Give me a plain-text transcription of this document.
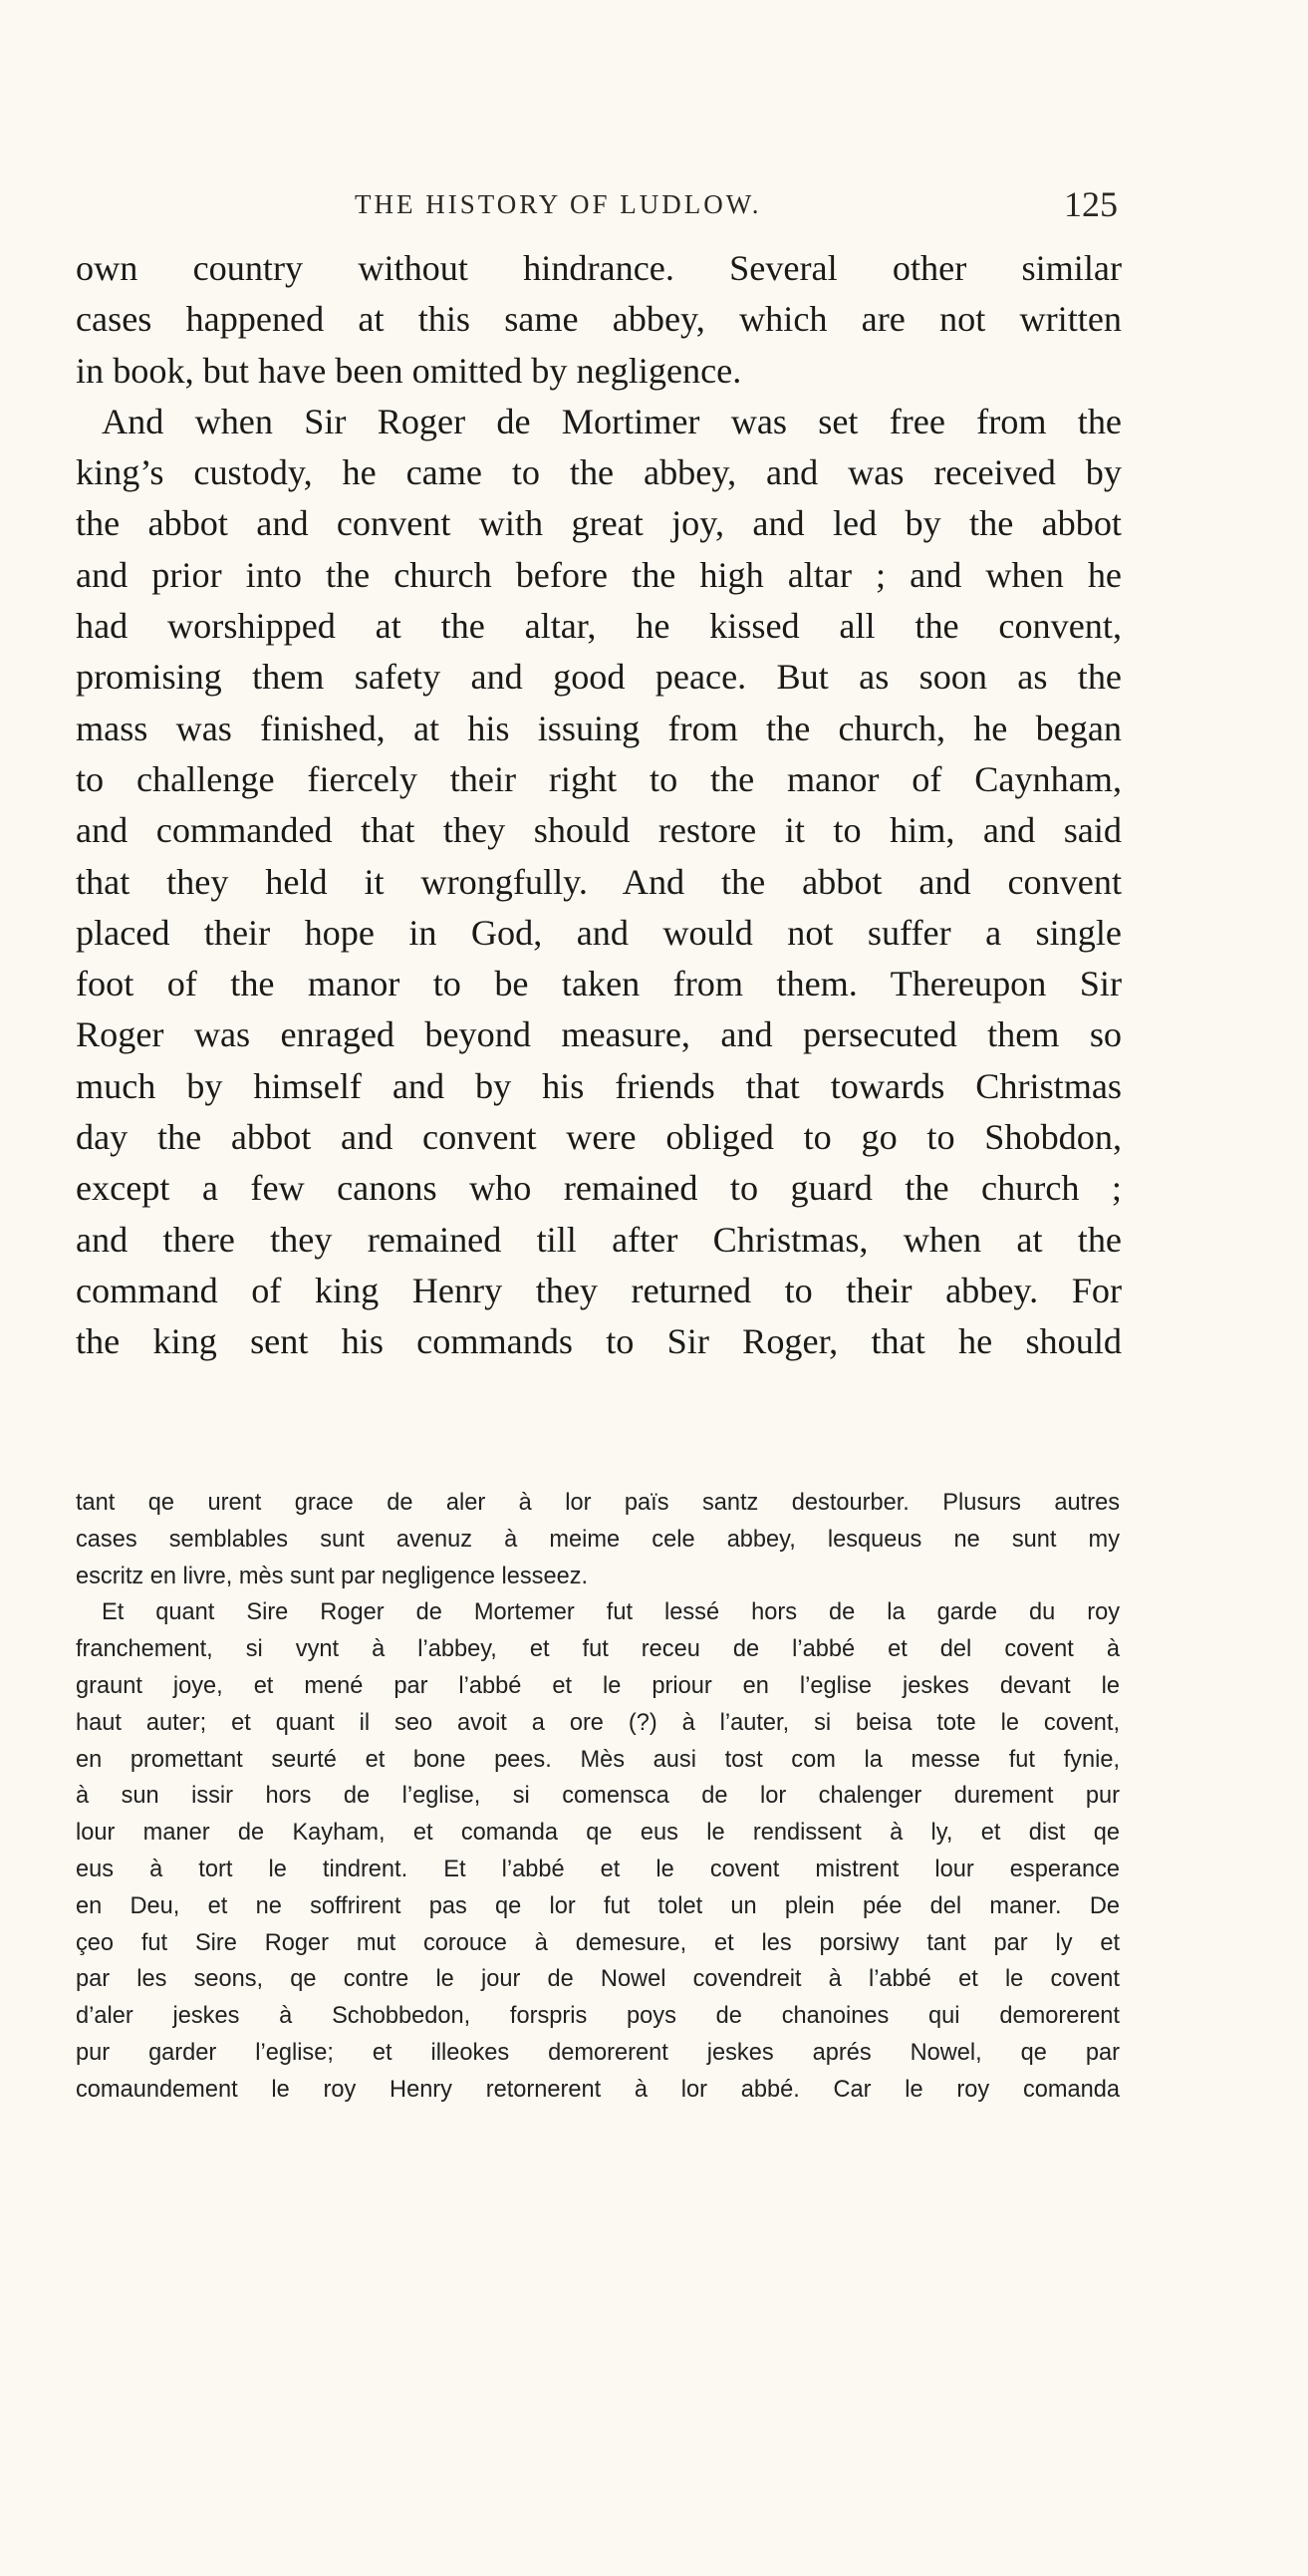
THE HISTORY OF LUDLOW.	125

own country without hindrance. Several other similar

cases happened at this same abbey, which are not written

in book, but have been omitted by negligence.

And when Sir Roger de Mortimer was set free from the

king’s custody, he came to the abbey, and was received by

the abbot and convent with great joy, and led by the abbot

and prior into the church before the high altar ; and when he

had worshipped at the altar, he kissed all the convent,

promising them safety and good peace. But as soon as the

mass was finished, at his issuing from the church, he began

to challenge fiercely their right to the manor of Caynham,

and commanded that they should restore it to him, and said

that they held it wrongfully. And the abbot and convent

placed their hope in God, and would not suffer a single

foot of the manor to be taken from them. Thereupon Sir

Roger was enraged beyond measure, and persecuted them so

much by himself and by his friends that towards Christmas

day the abbot and convent were obliged to go to Shobdon,

except a few canons who remained to guard the church ;

and there they remained till after Christmas, when at the

command of king Henry they returned to their abbey. For

the king sent his commands to Sir Roger, that he should

tant qe urent grace de aler à lor païs santz destourber. Plusurs autres

cases semblables sunt avenuz à meime cele abbey, lesqueus ne sunt my

escritz en livre, mès sunt par negligence lesseez.

Et quant Sire Roger de Mortemer fut lessé hors de la garde du roy

franchement, si vynt à l’abbey, et fut receu de l’abbé et del covent à

graunt joye, et mené par l’abbé et le priour en l’eglise jeskes devant le

haut auter; et quant il seo avoit a ore (?) à l’auter, si beisa tote le covent,

en promettant seurté et bone pees. Mès ausi tost com la messe fut fynie,

à sun issir hors de l’eglise, si comensca de lor chalenger durement pur

lour maner de Kayham, et comanda qe eus le rendissent à ly, et dist qe

eus à tort le tindrent. Et l’abbé et le covent mistrent lour esperance

en Deu, et ne soffrirent pas qe lor fut tolet un plein pée del maner. De

çeo fut Sire Roger mut corouce à demesure, et les porsiwy tant par ly et

par les seons, qe contre le jour de Nowel covendreit à l’abbé et le covent

d’aler jeskes à Schobbedon, forspris poys de chanoines qui demorerent

pur garder l’eglise; et illeokes demorerent jeskes aprés Nowel, qe par

comaundement le roy Henry retornerent à lor abbé. Car le roy comanda
